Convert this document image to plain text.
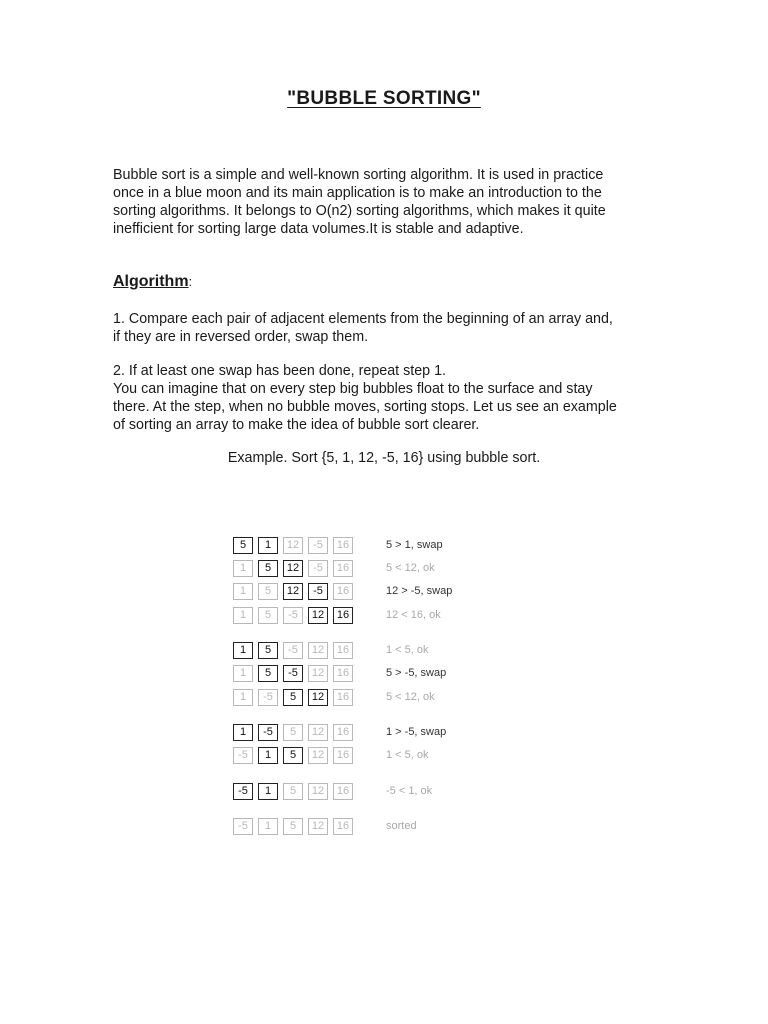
"BUBBLE SORTING"

Bubble sort is a simple and well-known sorting algorithm. It is used in practice
once in a blue moon and its main application is to make an introduction to the
sorting algorithms. It belongs to O(n2) sorting algorithms, which makes it quite
inefficient for sorting large data volumes.It is stable and adaptive.

Algorithm:

1. Compare each pair of adjacent elements from the beginning of an array and,
if they are in reversed order, swap them.

2. If at least one swap has been done, repeat step 1.
You can imagine that on every step big bubbles float to the surface and stay
there. At the step, when no bubble moves, sorting stops. Let us see an example
of sorting an array to make the idea of bubble sort clearer.

Example. Sort {5, 1, 12, -5, 16} using bubble sort.
5	1	12	-5	16	5 > 1, swap
1	5	12	-5	16	5 < 12, ok
1	5	12	-5	16	12 > -5, swap
1	5	-5	12	16	12 < 16, ok
1	5	-5	12	16	1 < 5, ok
1	5	-5	12	16	5 > -5, swap
1	-5	5	12	16	5 < 12, ok
1	-5	5	12	16	1 > -5, swap
-5	1	5	12	16	1 < 5, ok
-5	1	5	12	16	-5 < 1, ok
-5	1	5	12	16	sorted
